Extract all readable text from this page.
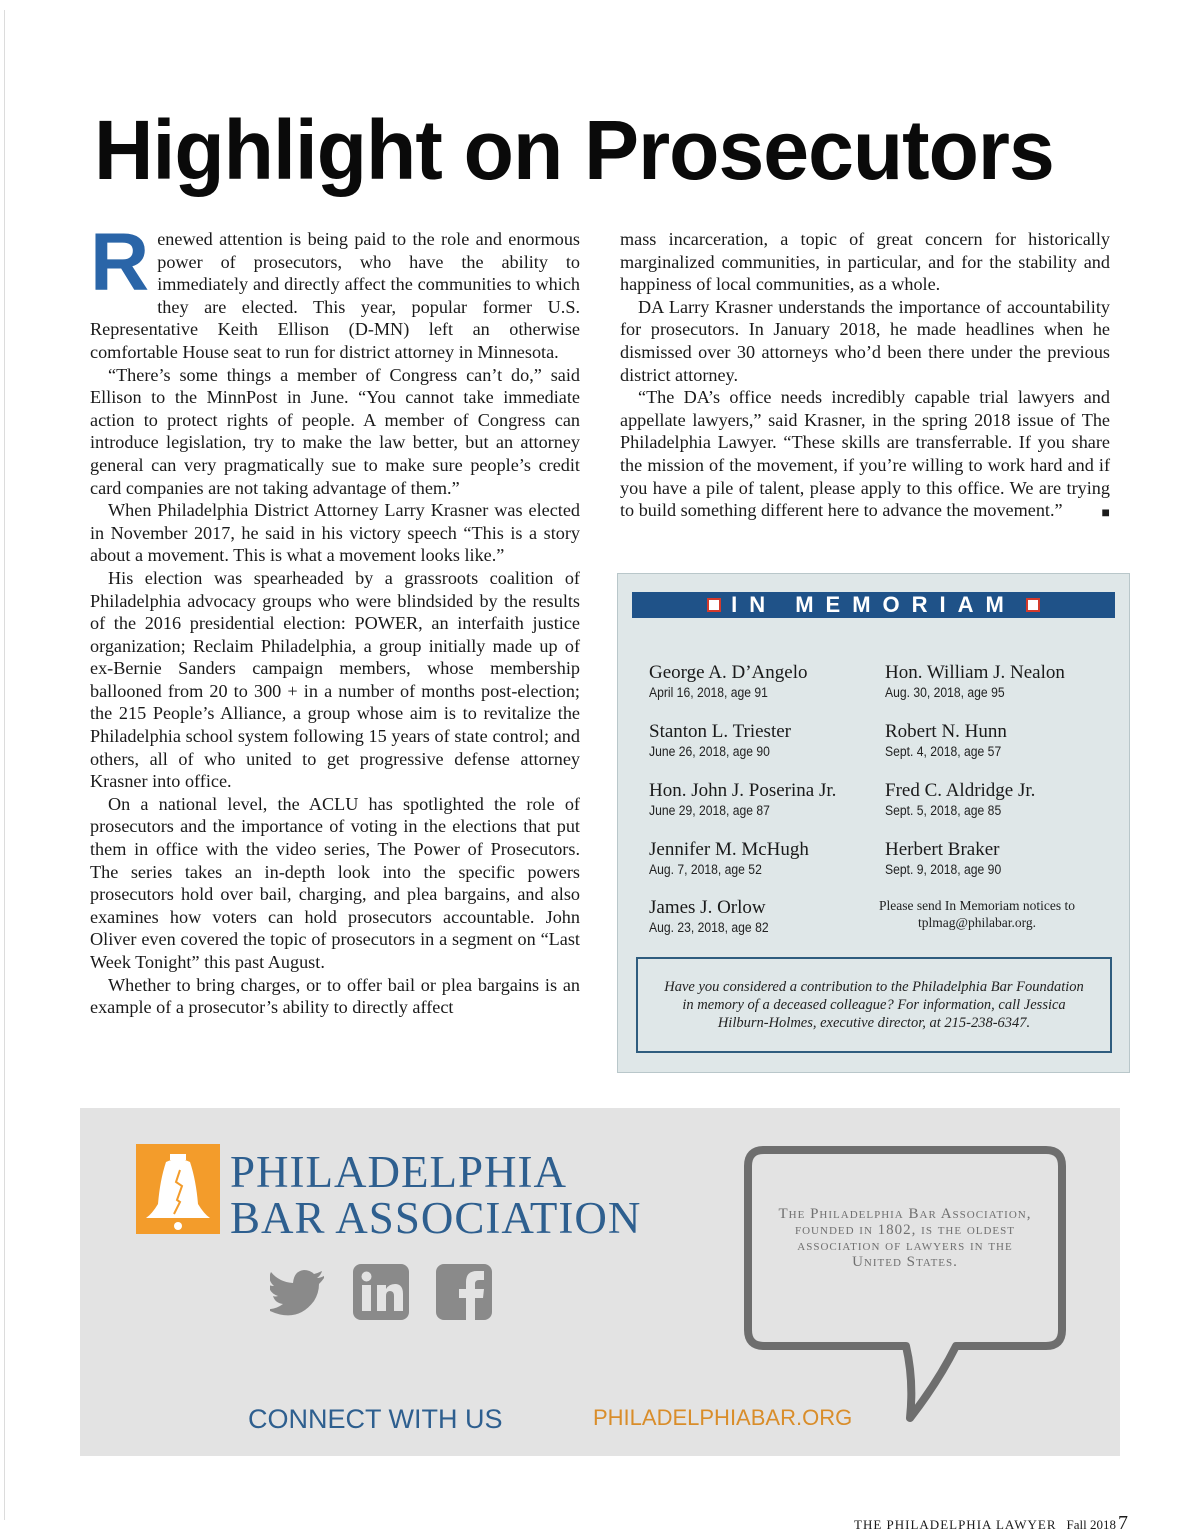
Highlight on Prosecutors

Renewed attention is being paid to the role and enormous power of prosecutors, who have the ability to immediately and directly affect the communities to which they are elected. This year, popular former U.S. Representative Keith Ellison (D-MN) left an otherwise comfortable House seat to run for district attorney in Minnesota.

“There’s some things a member of Congress can’t do,” said Ellison to the MinnPost in June. “You cannot take immediate action to protect rights of people. A member of Congress can introduce legislation, try to make the law better, but an attorney general can very pragmatically sue to make sure people’s credit card companies are not taking advantage of them.”

When Philadelphia District Attorney Larry Krasner was elected in November 2017, he said in his victory speech “This is a story about a movement. This is what a movement looks like.”

His election was spearheaded by a grassroots coalition of Philadelphia advocacy groups who were blindsided by the results of the 2016 presidential election: POWER, an interfaith justice organization; Reclaim Philadelphia, a group initially made up of ex-Bernie Sanders campaign members, whose membership ballooned from 20 to 300 + in a number of months post-election; the 215 People’s Alliance, a group whose aim is to revitalize the Philadelphia school system following 15 years of state control; and others, all of who united to get progressive defense attorney Krasner into office.

On a national level, the ACLU has spotlighted the role of prosecutors and the importance of voting in the elections that put them in office with the video series, The Power of Prosecutors. The series takes an in-depth look into the specific powers prosecutors hold over bail, charging, and plea bargains, and also examines how voters can hold prosecutors accountable. John Oliver even covered the topic of prosecutors in a segment on “Last Week Tonight” this past August.

Whether to bring charges, or to offer bail or plea bargains is an example of a prosecutor’s ability to directly affect

mass incarceration, a topic of great concern for historically marginalized communities, in particular, and for the stability and happiness of local communities, as a whole.

DA Larry Krasner understands the importance of accountability for prosecutors. In January 2018, he made headlines when he dismissed over 30 attorneys who’d been there under the previous district attorney.

“The DA’s office needs incredibly capable trial lawyers and appellate lawyers,” said Krasner, in the spring 2018 issue of The Philadelphia Lawyer. “These skills are transferrable. If you share the mission of the movement, if you’re willing to work hard and if you have a pile of talent, please apply to this office. We are trying to build something different here to advance the movement.”	■

IN MEMORIAM
George A. D’Angelo
April 16, 2018, age 91
Hon. William J. Nealon
Aug. 30, 2018, age 95
Stanton L. Triester
June 26, 2018, age 90
Robert N. Hunn
Sept. 4, 2018, age 57
Hon. John J. Poserina Jr.
June 29, 2018, age 87
Fred C. Aldridge Jr.
Sept. 5, 2018, age 85
Jennifer M. McHugh
Aug. 7, 2018, age 52
Herbert Braker
Sept. 9, 2018, age 90
James J. Orlow
Aug. 23, 2018, age 82
Please send In Memoriam notices to tplmag@philabar.org.
Have you considered a contribution to the Philadelphia Bar Foundation in memory of a deceased colleague? For information, call Jessica Hilburn-Holmes, executive director, at 215-238-6347.
PHILADELPHIA
BAR ASSOCIATION
CONNECT WITH US	PHILADELPHIABAR.ORG
The Philadelphia Bar Association, founded in 1802, is the oldest association of lawyers in the United States.
THE PHILADELPHIA LAWYER Fall 2018 7
